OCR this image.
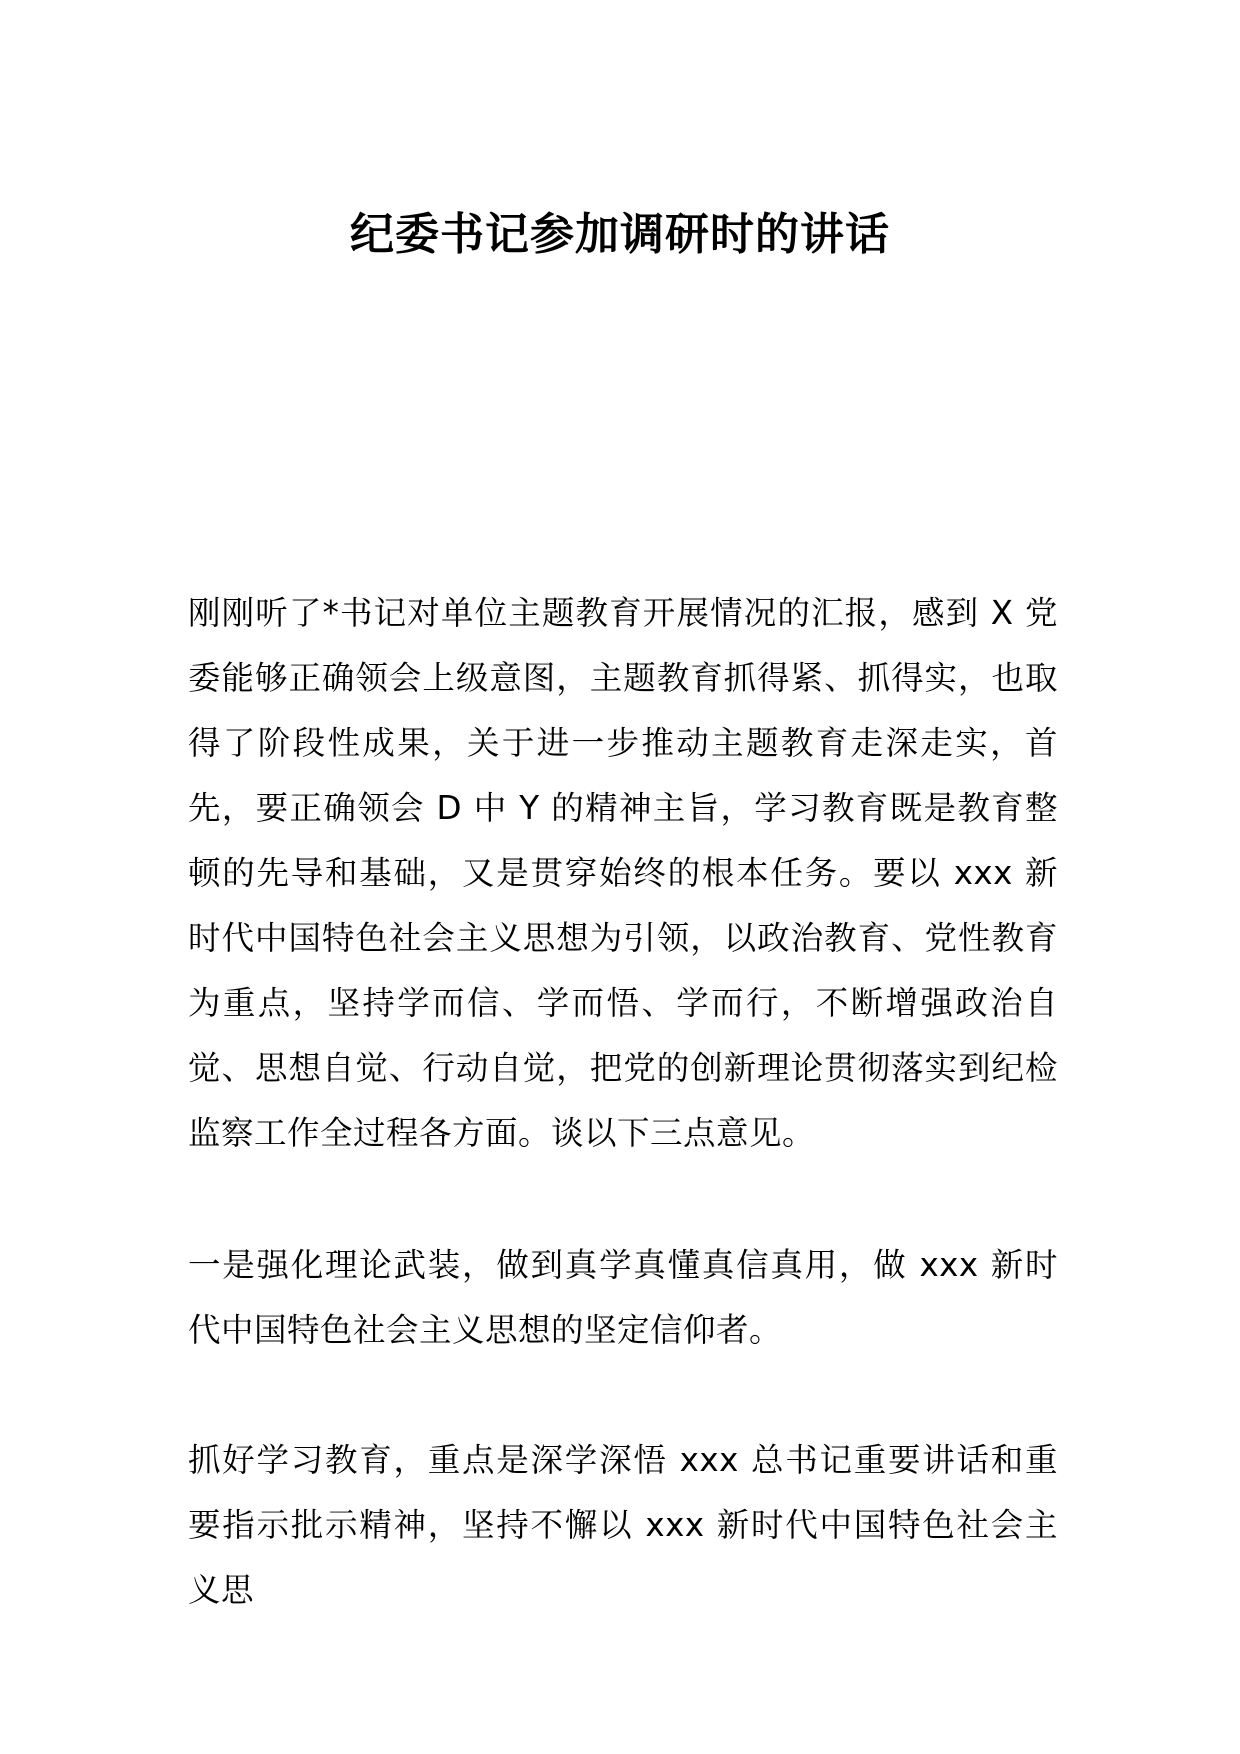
纪委书记参加调研时的讲话

刚刚听了*书记对单位主题教育开展情况的汇报，感到 X 党委能够正确领会上级意图，主题教育抓得紧、抓得实，也取得了阶段性成果，关于进一步推动主题教育走深走实，首先，要正确领会 D 中 Y 的精神主旨，学习教育既是教育整顿的先导和基础，又是贯穿始终的根本任务。要以 xxx 新时代中国特色社会主义思想为引领，以政治教育、党性教育为重点，坚持学而信、学而悟、学而行，不断增强政治自觉、思想自觉、行动自觉，把党的创新理论贯彻落实到纪检监察工作全过程各方面。谈以下三点意见。

一是强化理论武装，做到真学真懂真信真用，做 xxx 新时代中国特色社会主义思想的坚定信仰者。

抓好学习教育，重点是深学深悟 xxx 总书记重要讲话和重要指示批示精神，坚持不懈以 xxx 新时代中国特色社会主义思
